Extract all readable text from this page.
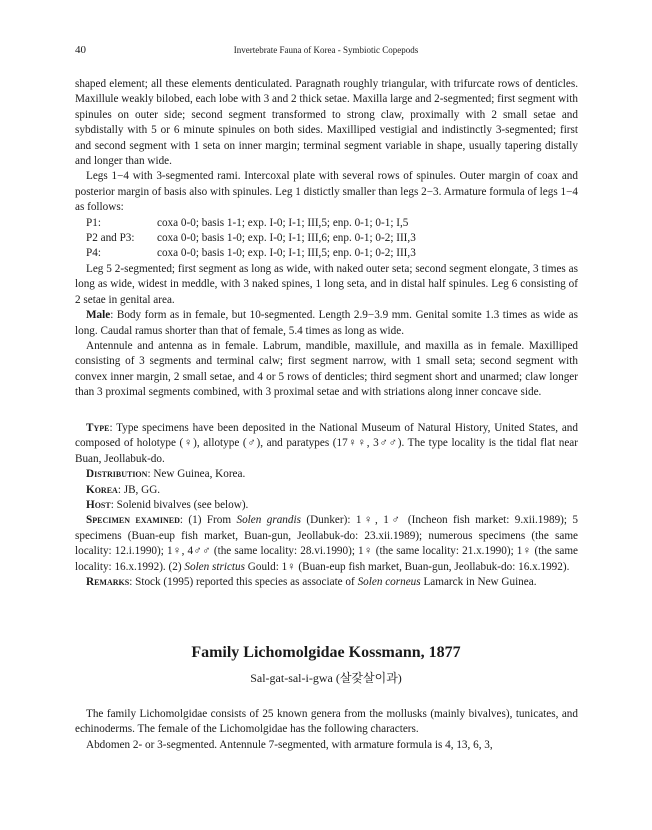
40	Invertebrate Fauna of Korea - Symbiotic Copepods

shaped element; all these elements denticulated. Paragnath roughly triangular, with trifurcate rows of denticles. Maxillule weakly bilobed, each lobe with 3 and 2 thick setae. Maxilla large and 2-segmented; first segment with spinules on outer side; second segment transformed to strong claw, proximally with 2 small setae and sybdistally with 5 or 6 minute spinules on both sides. Maxilliped vestigial and indistinctly 3-segmented; first and second segment with 1 seta on inner margin; terminal segment variable in shape, usually tapering distally and longer than wide.

Legs 1−4 with 3-segmented rami. Intercoxal plate with several rows of spinules. Outer margin of coax and posterior margin of basis also with spinules. Leg 1 distictly smaller than legs 2−3. Armature formula of legs 1−4 as follows:

P1:	coxa 0-0; basis 1-1; exp. I-0; I-1; III,5; enp. 0-1; 0-1; I,5
P2 and P3:	coxa 0-0; basis 1-0; exp. I-0; I-1; III,6; enp. 0-1; 0-2; III,3
P4:	coxa 0-0; basis 1-0; exp. I-0; I-1; III,5; enp. 0-1; 0-2; III,3

Leg 5 2-segmented; first segment as long as wide, with naked outer seta; second segment elongate, 3 times as long as wide, widest in meddle, with 3 naked spines, 1 long seta, and in distal half spinules. Leg 6 consisting of 2 setae in genital area.

Male: Body form as in female, but 10-segmented. Length 2.9−3.9 mm. Genital somite 1.3 times as wide as long. Caudal ramus shorter than that of female, 5.4 times as long as wide.

Antennule and antenna as in female. Labrum, mandible, maxillule, and maxilla as in female. Maxilliped consisting of 3 segments and terminal calw; first segment narrow, with 1 small seta; second segment with convex inner margin, 2 small setae, and 4 or 5 rows of denticles; third segment short and unarmed; claw longer than 3 proximal segments combined, with 3 proximal setae and with striations along inner concave side.

Type: Type specimens have been deposited in the National Museum of Natural History, United States, and composed of holotype (♀), allotype (♂), and paratypes (17♀♀, 3♂♂). The type locality is the tidal flat near Buan, Jeollabuk-do.

Distribution: New Guinea, Korea.

Korea: JB, GG.

Host: Solenid bivalves (see below).

Specimen examined: (1) From Solen grandis (Dunker): 1♀, 1♂ (Incheon fish market: 9.xii.1989); 5 specimens (Buan-eup fish market, Buan-gun, Jeollabuk-do: 23.xii.1989); numerous specimens (the same locality: 12.i.1990); 1♀, 4♂♂ (the same locality: 28.vi.1990); 1♀ (the same locality: 21.x.1990); 1♀ (the same locality: 16.x.1992). (2) Solen strictus Gould: 1♀ (Buan-eup fish market, Buan-gun, Jeollabuk-do: 16.x.1992).

Remarks: Stock (1995) reported this species as associate of Solen corneus Lamarck in New Guinea.

Family Lichomolgidae Kossmann, 1877
Sal-gat-sal-i-gwa (살갗살이과)

The family Lichomolgidae consists of 25 known genera from the mollusks (mainly bivalves), tunicates, and echinoderms. The female of the Lichomolgidae has the following characters.

Abdomen 2- or 3-segmented. Antennule 7-segmented, with armature formula is 4, 13, 6, 3,
